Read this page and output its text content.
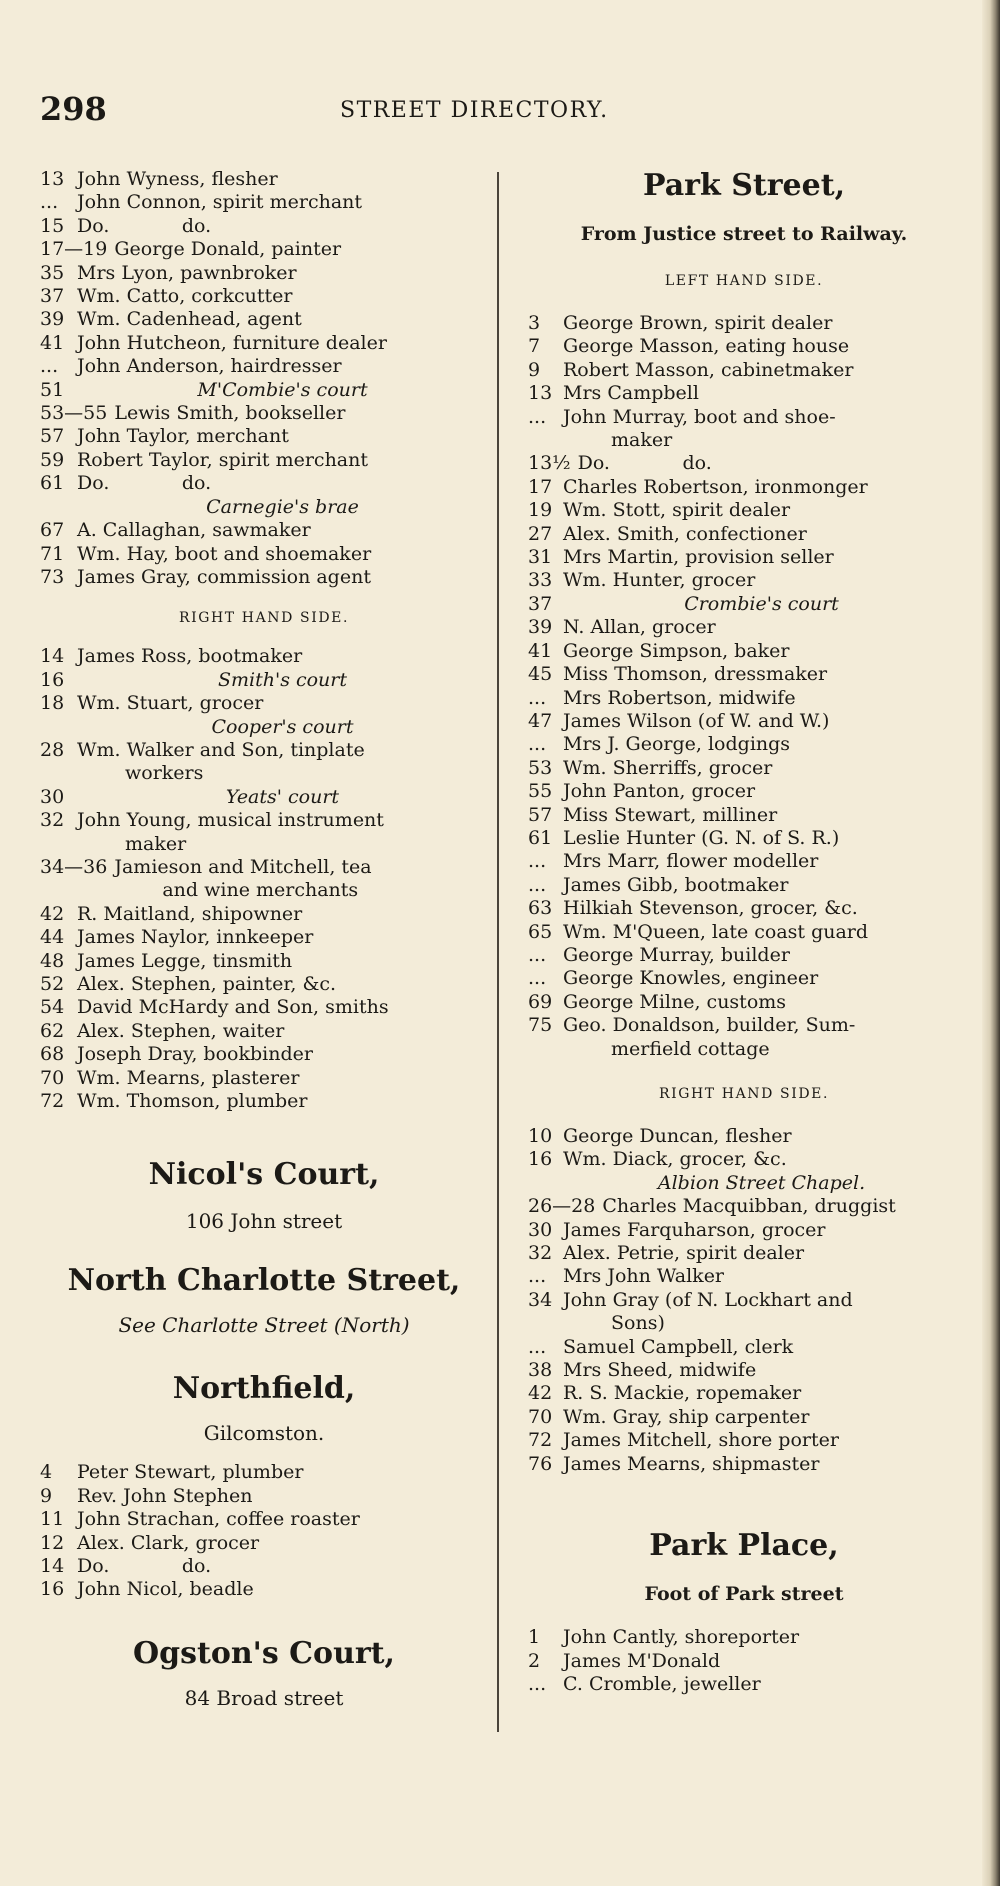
298	STREET DIRECTORY.
13 John Wyness, flesher
... John Connon, spirit merchant
15 Do.            do.
17—19 George Donald, painter
35 Mrs Lyon, pawnbroker
37 Wm. Catto, corkcutter
39 Wm. Cadenhead, agent
41 John Hutcheon, furniture dealer
... John Anderson, hairdresser
51	M'Combie's court
53—55 Lewis Smith, bookseller
57 John Taylor, merchant
59 Robert Taylor, spirit merchant
61 Do.            do.
Carnegie's brae
67 A. Callaghan, sawmaker
71 Wm. Hay, boot and shoemaker
73 James Gray, commission agent
RIGHT HAND SIDE.
14 James Ross, bootmaker
16	Smith's court
18 Wm. Stuart, grocer
Cooper's court
28 Wm. Walker and Son, tinplate
workers
30	Yeats' court
32 John Young, musical instrument
maker
34—36 Jamieson and Mitchell, tea
and wine merchants
42 R. Maitland, shipowner
44 James Naylor, innkeeper
48 James Legge, tinsmith
52 Alex. Stephen, painter, &c.
54 David McHardy and Son, smiths
62 Alex. Stephen, waiter
68 Joseph Dray, bookbinder
70 Wm. Mearns, plasterer
72 Wm. Thomson, plumber
Nicol's Court,
106 John street
North Charlotte Street,
See Charlotte Street (North)
Northfield,
Gilcomston.
4	Peter Stewart, plumber
9	Rev. John Stephen
11 John Strachan, coffee roaster
12 Alex. Clark, grocer
14 Do.            do.
16 John Nicol, beadle
Ogston's Court,
84 Broad street
Park Street,
From Justice street to Railway.
LEFT HAND SIDE.
3	George Brown, spirit dealer
7	George Masson, eating house
9	Robert Masson, cabinetmaker
13 Mrs Campbell
... John Murray, boot and shoe-
maker
13½ Do.            do.
17 Charles Robertson, ironmonger
19 Wm. Stott, spirit dealer
27 Alex. Smith, confectioner
31 Mrs Martin, provision seller
33 Wm. Hunter, grocer
37	Crombie's court
39 N. Allan, grocer
41 George Simpson, baker
45 Miss Thomson, dressmaker
... Mrs Robertson, midwife
47 James Wilson (of W. and W.)
... Mrs J. George, lodgings
53 Wm. Sherriffs, grocer
55 John Panton, grocer
57 Miss Stewart, milliner
61 Leslie Hunter (G. N. of S. R.)
... Mrs Marr, flower modeller
... James Gibb, bootmaker
63 Hilkiah Stevenson, grocer, &c.
65 Wm. M'Queen, late coast guard
... George Murray, builder
... George Knowles, engineer
69 George Milne, customs
75 Geo. Donaldson, builder, Sum-
merfield cottage
RIGHT HAND SIDE.
10 George Duncan, flesher
16 Wm. Diack, grocer, &c.
Albion Street Chapel.
26—28 Charles Macquibban, druggist
30 James Farquharson, grocer
32 Alex. Petrie, spirit dealer
... Mrs John Walker
34 John Gray (of N. Lockhart and
Sons)
... Samuel Campbell, clerk
38 Mrs Sheed, midwife
42 R. S. Mackie, ropemaker
70 Wm. Gray, ship carpenter
72 James Mitchell, shore porter
76 James Mearns, shipmaster
Park Place,
Foot of Park street
1	John Cantly, shoreporter
2	James M'Donald
... C. Cromble, jeweller
